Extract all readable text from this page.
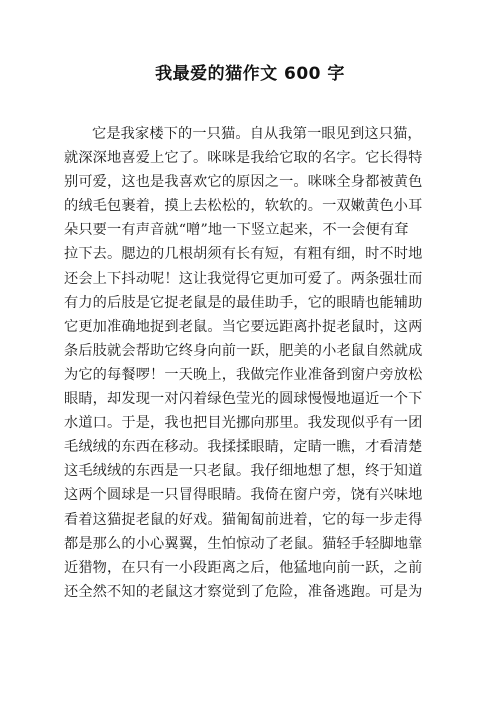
我最爱的猫作文 600 字
它是我家楼下的一只猫。自从我第一眼见到这只猫，
就深深地喜爱上它了。咪咪是我给它取的名字。它长得特
别可爱，这也是我喜欢它的原因之一。咪咪全身都被黄色
的绒毛包裹着，摸上去松松的，软软的。一双嫩黄色小耳
朵只要一有声音就“噌”地一下竖立起来，不一会便有耷
拉下去。腮边的几根胡须有长有短，有粗有细，时不时地
还会上下抖动呢！这让我觉得它更加可爱了。两条强壮而
有力的后肢是它捉老鼠是的最佳助手，它的眼睛也能辅助
它更加准确地捉到老鼠。当它要远距离扑捉老鼠时，这两
条后肢就会帮助它终身向前一跃，肥美的小老鼠自然就成
为它的每餐啰！一天晚上，我做完作业准备到窗户旁放松
眼睛，却发现一对闪着绿色莹光的圆球慢慢地逼近一个下
水道口。于是，我也把目光挪向那里。我发现似乎有一团
毛绒绒的东西在移动。我揉揉眼睛，定睛一瞧，才看清楚
这毛绒绒的东西是一只老鼠。我仔细地想了想，终于知道
这两个圆球是一只冒得眼睛。我倚在窗户旁，饶有兴味地
看着这猫捉老鼠的好戏。猫匍匐前进着，它的每一步走得
都是那么的小心翼翼，生怕惊动了老鼠。猫轻手轻脚地靠
近猎物，在只有一小段距离之后，他猛地向前一跃，之前
还全然不知的老鼠这才察觉到了危险，准备逃跑。可是为
